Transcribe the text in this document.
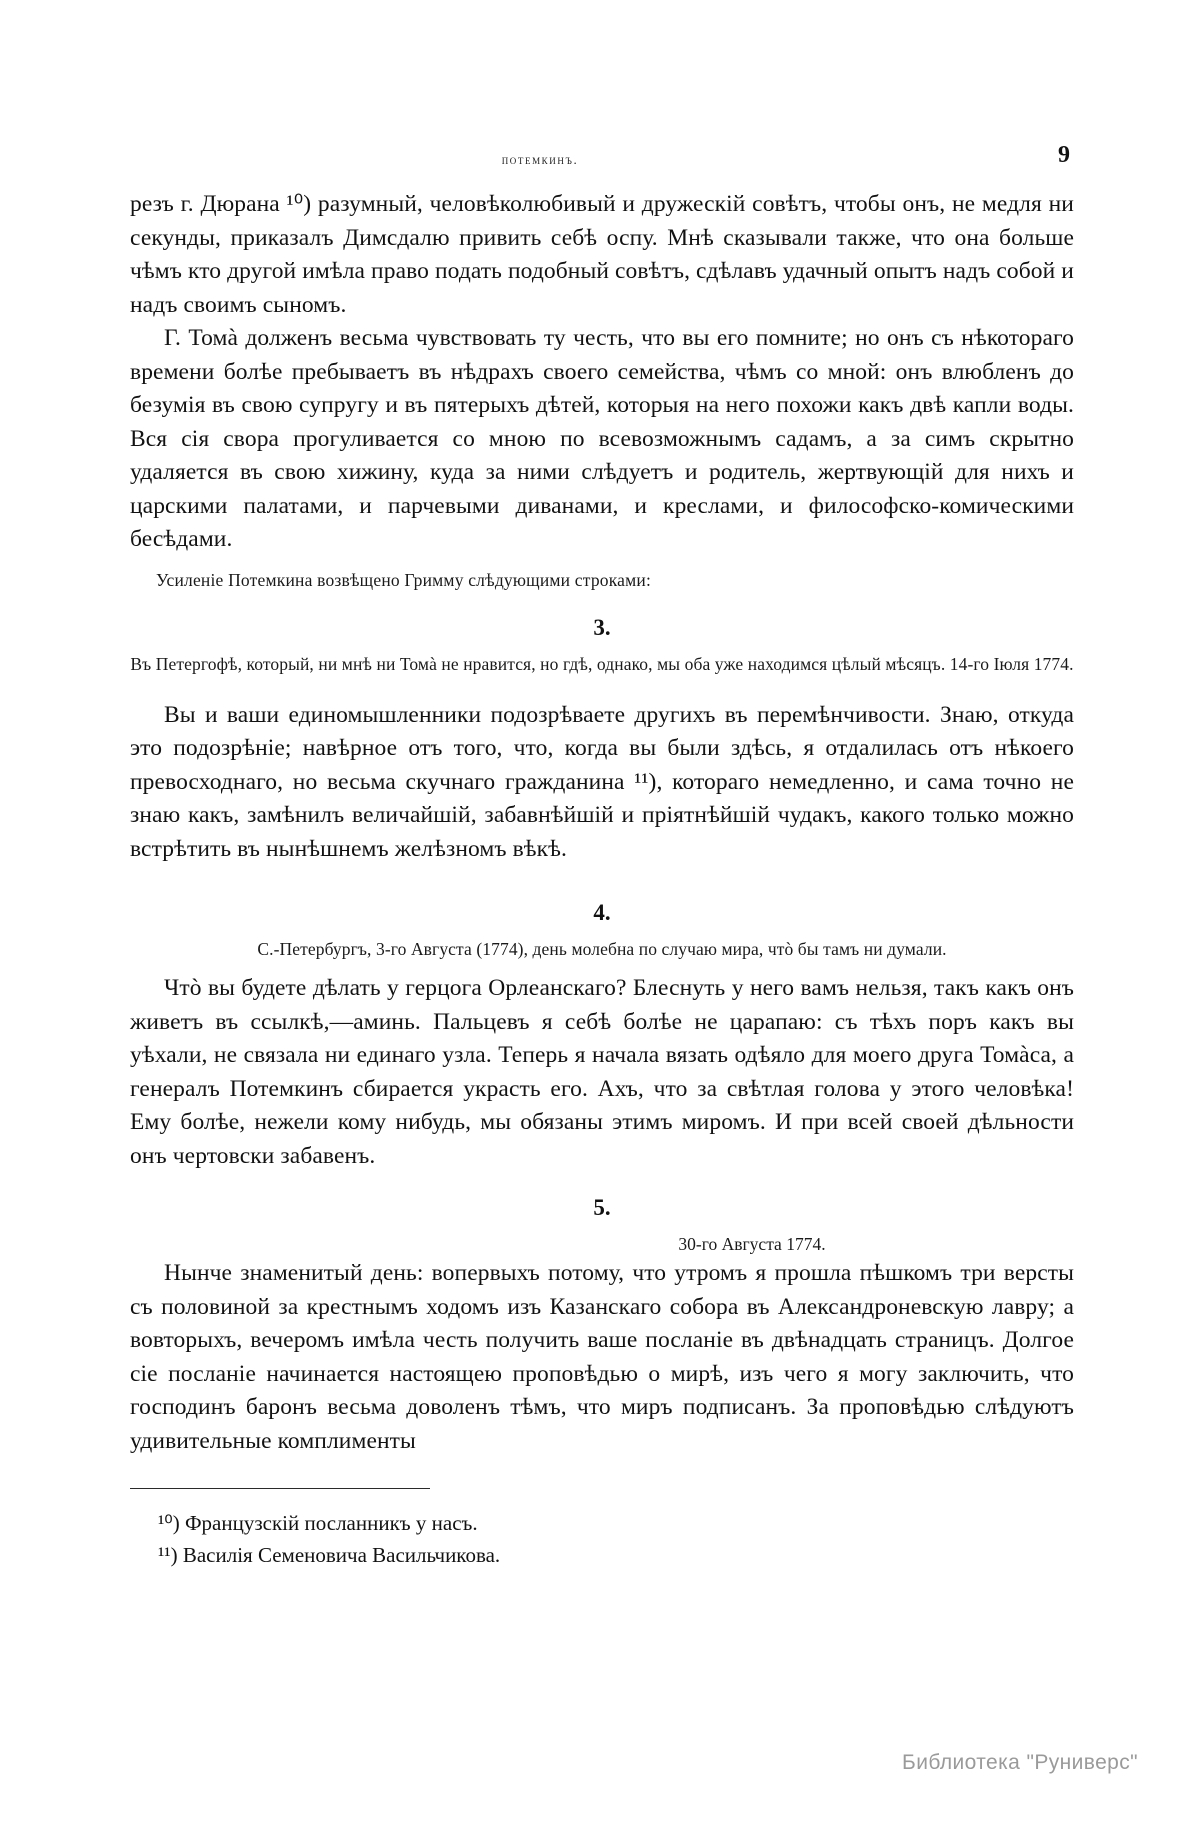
потемкинъ.	9

резъ г. Дюрана ¹⁰) разумный, человѣколюбивый и дружескій совѣтъ, чтобы онъ, не медля ни секунды, приказалъ Димсдалю привить себѣ оспу. Мнѣ сказывали также, что она больше чѣмъ кто другой имѣла право подать подобный совѣтъ, сдѣлавъ удачный опытъ надъ собой и надъ своимъ сыномъ.

Г. Томà долженъ весьма чувствовать ту честь, что вы его помните; но онъ съ нѣкотораго времени болѣе пребываетъ въ нѣдрахъ своего семейства, чѣмъ со мной: онъ влюбленъ до безумія въ свою супругу и въ пятерыхъ дѣтей, которыя на него похожи какъ двѣ капли воды. Вся сія свора прогуливается со мною по всевозможнымъ садамъ, а за симъ скрытно удаляется въ свою хижину, куда за ними слѣдуетъ и родитель, жертвующій для нихъ и царскими палатами, и парчевыми диванами, и креслами, и философско-комическими бесѣдами.

Усиленіе Потемкина возвѣщено Гримму слѣдующими строками:

3.

Въ Петергофѣ, который, ни мнѣ ни Томà не нравится, но гдѣ, однако, мы оба уже находимся цѣлый мѣсяцъ. 14-го Іюля 1774.

Вы и ваши единомышленники подозрѣваете другихъ въ перемѣнчивости. Знаю, откуда это подозрѣніе; навѣрное отъ того, что, когда вы были здѣсь, я отдалилась отъ нѣкоего превосходнаго, но весьма скучнаго гражданина ¹¹), котораго немедленно, и сама точно не знаю какъ, замѣнилъ величайшій, забавнѣйшій и пріятнѣйшій чудакъ, какого только можно встрѣтить въ нынѣшнемъ желѣзномъ вѣкѣ.

4.

С.-Петербургъ, 3-го Августа (1774), день молебна по случаю мира, чтò бы тамъ ни думали.

Чтò вы будете дѣлать у герцога Орлеанскаго? Блеснуть у него вамъ нельзя, такъ какъ онъ живетъ въ ссылкѣ,—аминь. Пальцевъ я себѣ болѣе не царапаю: съ тѣхъ поръ какъ вы уѣхали, не связала ни единаго узла. Теперь я начала вязать одѣяло для моего друга Томàса, а генералъ Потемкинъ сбирается украсть его. Ахъ, что за свѣтлая голова у этого человѣка! Ему болѣе, нежели кому нибудь, мы обязаны этимъ миромъ. И при всей своей дѣльности онъ чертовски забавенъ.

5.

30-го Августа 1774.

Нынче знаменитый день: вопервыхъ потому, что утромъ я прошла пѣшкомъ три версты съ половиной за крестнымъ ходомъ изъ Казанскаго собора въ Александроневскую лавру; а вовторыхъ, вечеромъ имѣла честь получить ваше посланіе въ двѣнадцать страницъ. Долгое сіе посланіе начинается настоящею проповѣдью о мирѣ, изъ чего я могу заключить, что господинъ баронъ весьма доволенъ тѣмъ, что миръ подписанъ. За проповѣдью слѣдуютъ удивительные комплименты

¹⁰) Французскій посланникъ у насъ.

¹¹) Василія Семеновича Васильчикова.

Библиотека "Руниверс"
